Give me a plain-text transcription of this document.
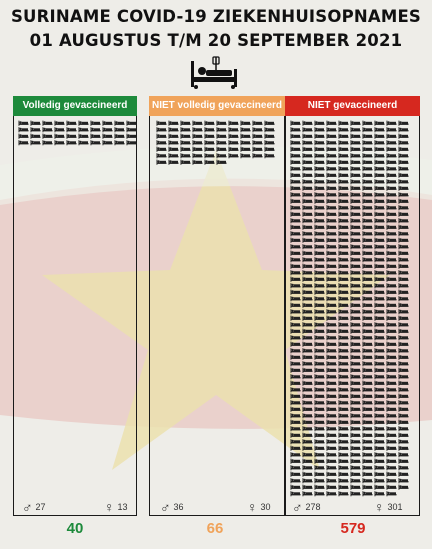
SURINAME COVID-19 ZIEKENHUISOPNAMES
01 AUGUSTUS T/M 20 SEPTEMBER 2021
Volledig gevaccineerd	NIET volledig gevaccineerd	NIET gevaccineerd
♂ 27	♀ 13 ♂ 36	♀ 30 ♂ 278	♀ 301
40	66	579
